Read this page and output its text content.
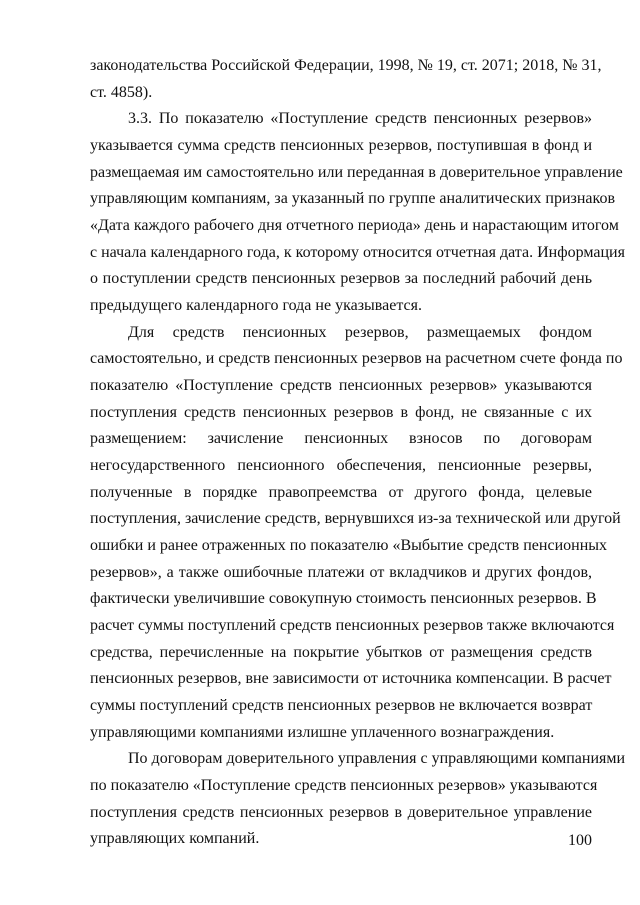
законодательства Российской Федерации, 1998, № 19, ст. 2071; 2018, № 31,
ст. 4858).
3.3. По показателю «Поступление средств пенсионных резервов»
указывается сумма средств пенсионных резервов, поступившая в фонд и
размещаемая им самостоятельно или переданная в доверительное управление
управляющим компаниям, за указанный по группе аналитических признаков
«Дата каждого рабочего дня отчетного периода» день и нарастающим итогом
с начала календарного года, к которому относится отчетная дата. Информация
о поступлении средств пенсионных резервов за последний рабочий день
предыдущего календарного года не указывается.
Для средств пенсионных резервов, размещаемых фондом
самостоятельно, и средств пенсионных резервов на расчетном счете фонда по
показателю «Поступление средств пенсионных резервов» указываются
поступления средств пенсионных резервов в фонд, не связанные с их
размещением: зачисление пенсионных взносов по договорам
негосударственного пенсионного обеспечения, пенсионные резервы,
полученные в порядке правопреемства от другого фонда, целевые
поступления, зачисление средств, вернувшихся из-за технической или другой
ошибки и ранее отраженных по показателю «Выбытие средств пенсионных
резервов», а также ошибочные платежи от вкладчиков и других фондов,
фактически увеличившие совокупную стоимость пенсионных резервов. В
расчет суммы поступлений средств пенсионных резервов также включаются
средства, перечисленные на покрытие убытков от размещения средств
пенсионных резервов, вне зависимости от источника компенсации. В расчет
суммы поступлений средств пенсионных резервов не включается возврат
управляющими компаниями излишне уплаченного вознаграждения.
По договорам доверительного управления с управляющими компаниями
по показателю «Поступление средств пенсионных резервов» указываются
поступления средств пенсионных резервов в доверительное управление
управляющих компаний.	100
